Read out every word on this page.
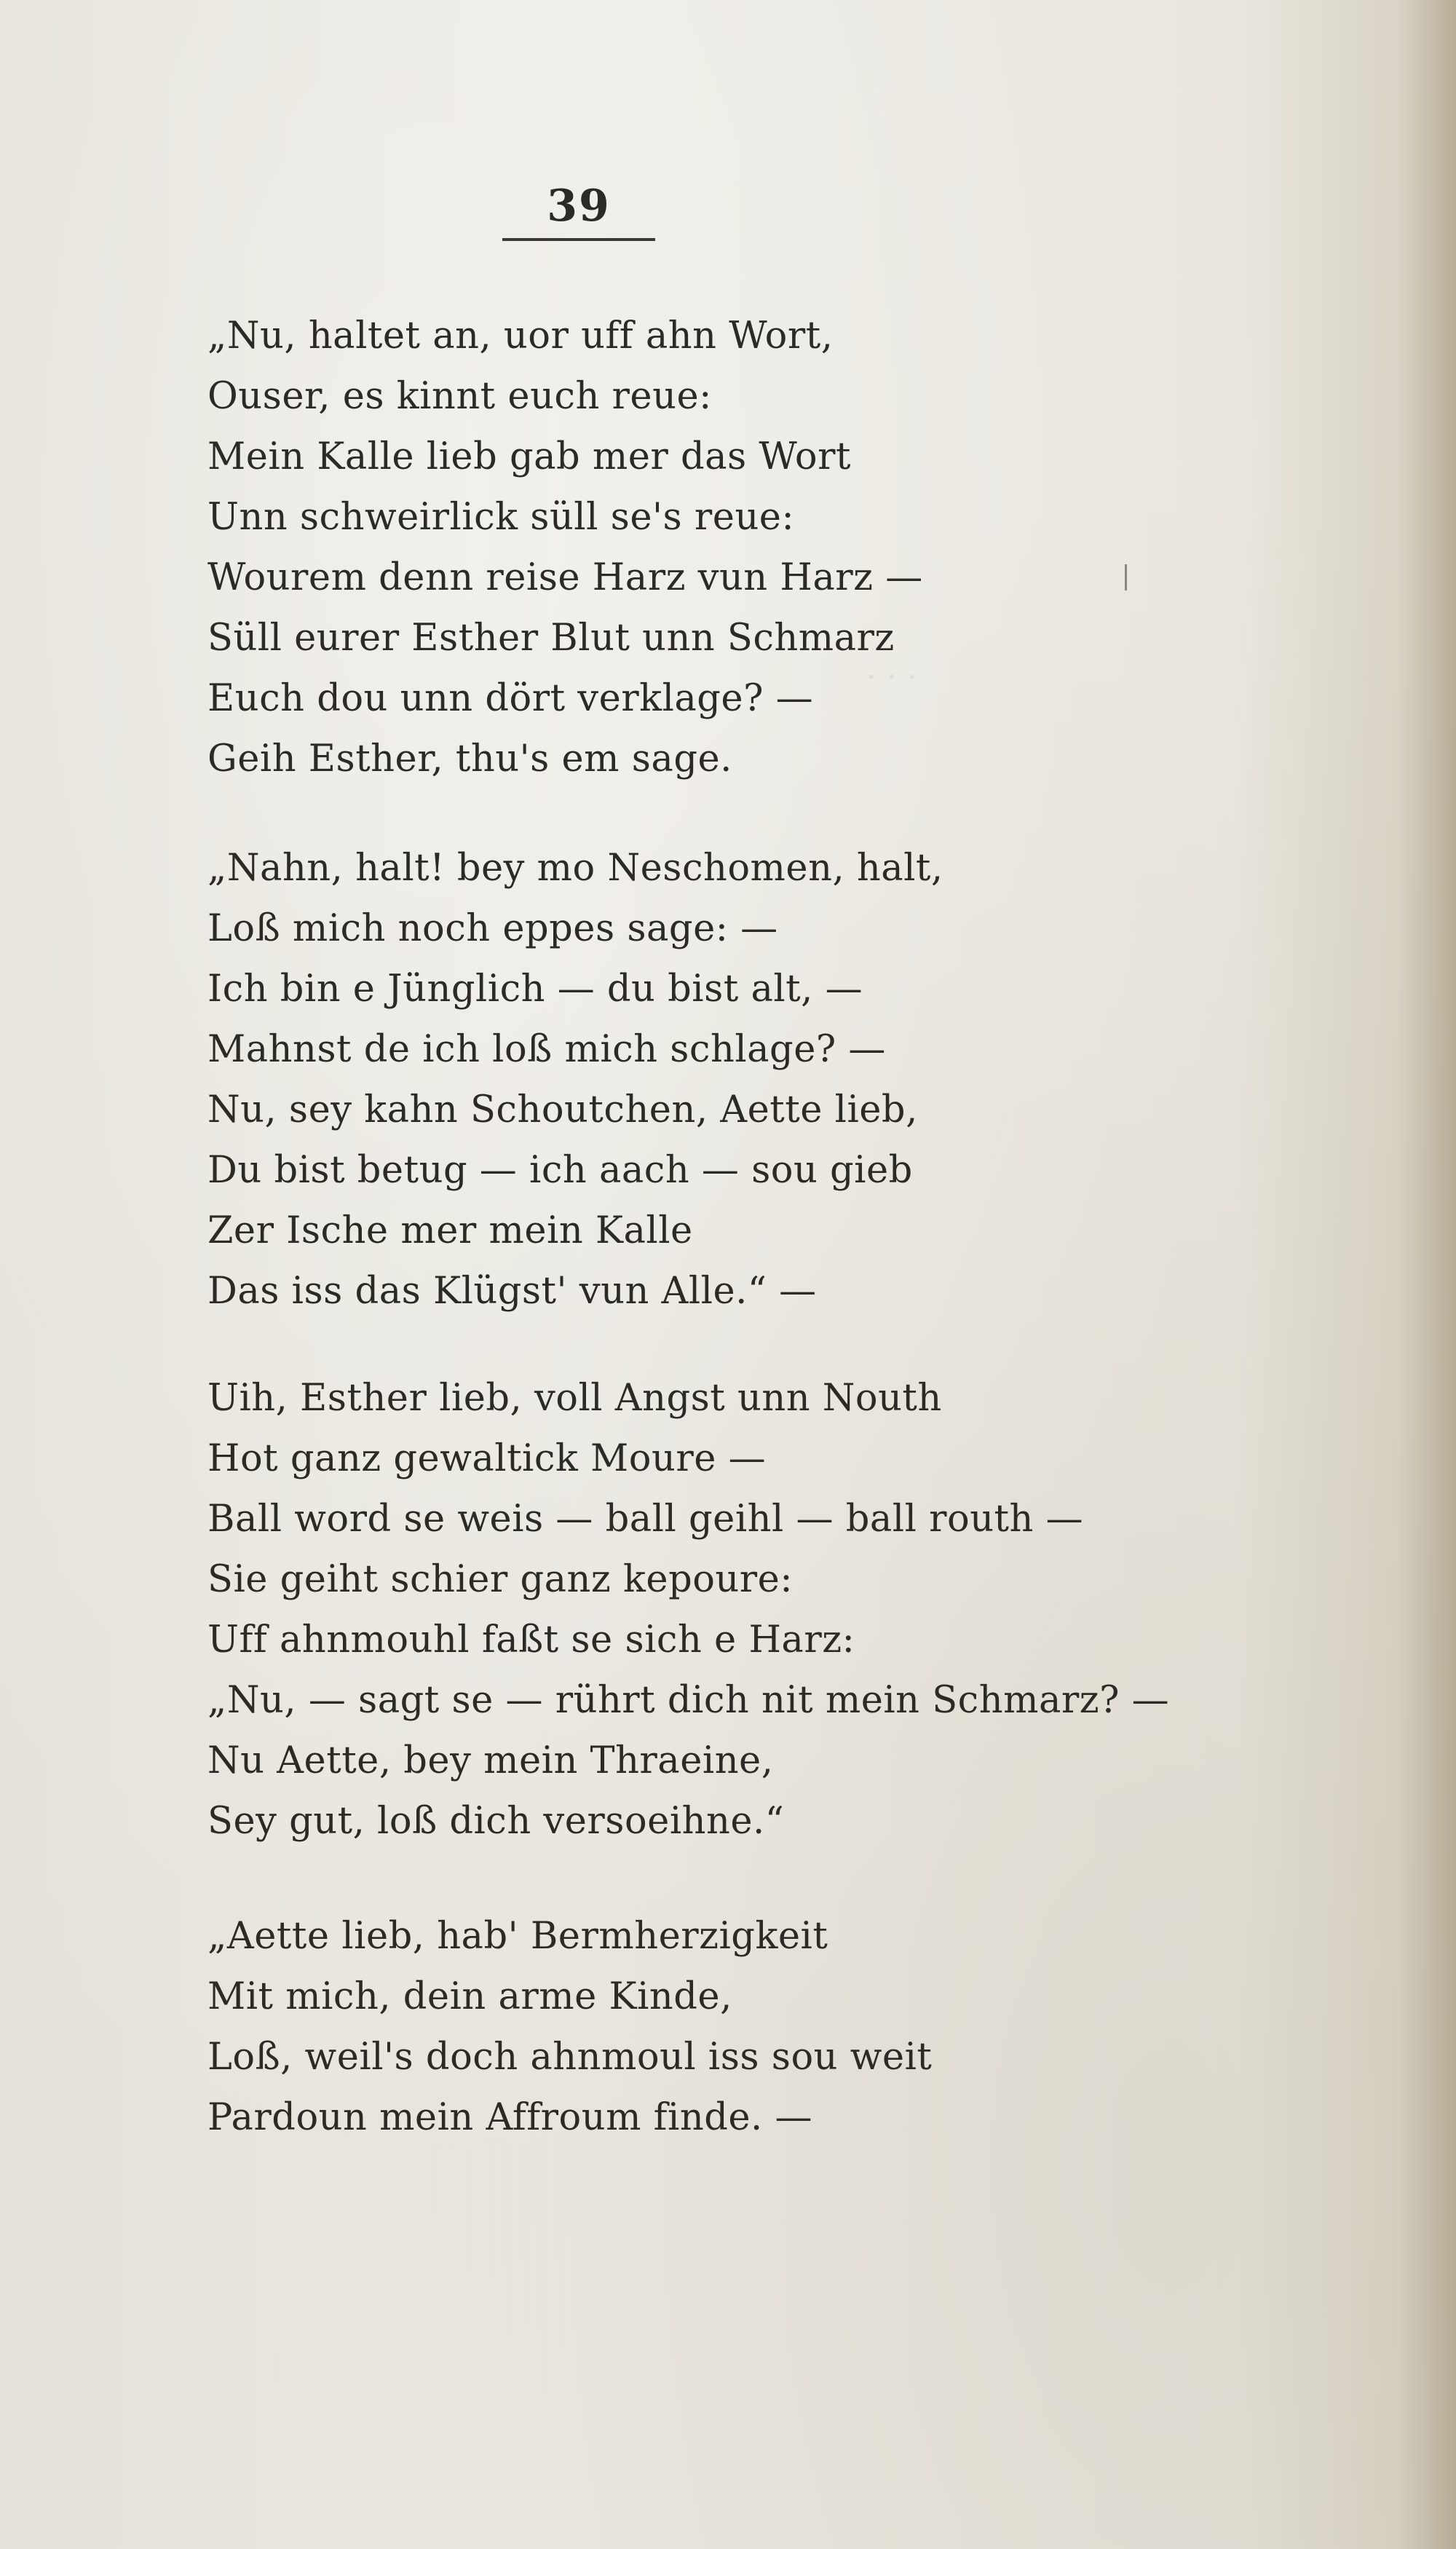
· · ·
39
„Nu, haltet an, uor uff ahn Wort,
Ouser, es kinnt euch reue:
Mein Kalle lieb gab mer das Wort
Unn schweirlick süll se's reue:
Wourem denn reise Harz vun Harz —
Süll eurer Esther Blut unn Schmarz
Euch dou unn dört verklage? —
Geih Esther, thu's em sage.
„Nahn, halt! bey mo Neschomen, halt,
Loß mich noch eppes sage: —
Ich bin e Jünglich — du bist alt, —
Mahnst de ich loß mich schlage? —
Nu, sey kahn Schoutchen, Aette lieb,
Du bist betug — ich aach — sou gieb
Zer Ische mer mein Kalle
Das iss das Klügst' vun Alle.“ —
Uih, Esther lieb, voll Angst unn Nouth
Hot ganz gewaltick Moure —
Ball word se weis — ball geihl — ball routh —
Sie geiht schier ganz kepoure:
Uff ahnmouhl faßt se sich e Harz:
„Nu, — sagt se — rührt dich nit mein Schmarz? —
Nu Aette, bey mein Thraeine,
Sey gut, loß dich versoeihne.“
„Aette lieb, hab' Bermherzigkeit
Mit mich, dein arme Kinde,
Loß, weil's doch ahnmoul iss sou weit
Pardoun mein Affroum finde. —
